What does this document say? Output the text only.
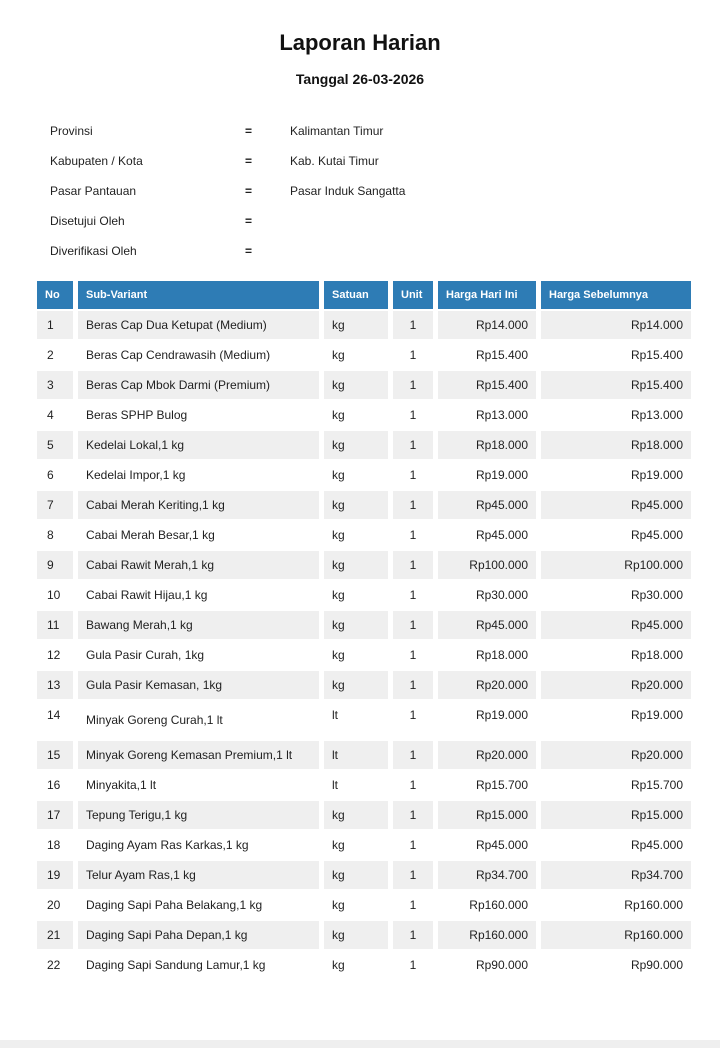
Laporan Harian
Tanggal 26-03-2026
Provinsi	=	Kalimantan Timur
Kabupaten / Kota	=	Kab. Kutai Timur
Pasar Pantauan	=	Pasar Induk Sangatta
Disetujui Oleh	=
Diverifikasi Oleh	=
No	Sub-Variant	Satuan	Unit	Harga Hari Ini	Harga Sebelumnya
1	Beras Cap Dua Ketupat (Medium)	kg	1	Rp14.000	Rp14.000
2	Beras Cap Cendrawasih (Medium)	kg	1	Rp15.400	Rp15.400
3	Beras Cap Mbok Darmi (Premium)	kg	1	Rp15.400	Rp15.400
4	Beras SPHP Bulog	kg	1	Rp13.000	Rp13.000
5	Kedelai Lokal,1 kg	kg	1	Rp18.000	Rp18.000
6	Kedelai Impor,1 kg	kg	1	Rp19.000	Rp19.000
7	Cabai Merah Keriting,1 kg	kg	1	Rp45.000	Rp45.000
8	Cabai Merah Besar,1 kg	kg	1	Rp45.000	Rp45.000
9	Cabai Rawit Merah,1 kg	kg	1	Rp100.000	Rp100.000
10	Cabai Rawit Hijau,1 kg	kg	1	Rp30.000	Rp30.000
11	Bawang Merah,1 kg	kg	1	Rp45.000	Rp45.000
12	Gula Pasir Curah, 1kg	kg	1	Rp18.000	Rp18.000
13	Gula Pasir Kemasan, 1kg	kg	1	Rp20.000	Rp20.000
14	Minyak Goreng Curah,1 lt	lt	1	Rp19.000	Rp19.000
15	Minyak Goreng Kemasan Premium,1 lt	lt	1	Rp20.000	Rp20.000
16	Minyakita,1 lt	lt	1	Rp15.700	Rp15.700
17	Tepung Terigu,1 kg	kg	1	Rp15.000	Rp15.000
18	Daging Ayam Ras Karkas,1 kg	kg	1	Rp45.000	Rp45.000
19	Telur Ayam Ras,1 kg	kg	1	Rp34.700	Rp34.700
20	Daging Sapi Paha Belakang,1 kg	kg	1	Rp160.000	Rp160.000
21	Daging Sapi Paha Depan,1 kg	kg	1	Rp160.000	Rp160.000
22	Daging Sapi Sandung Lamur,1 kg	kg	1	Rp90.000	Rp90.000
